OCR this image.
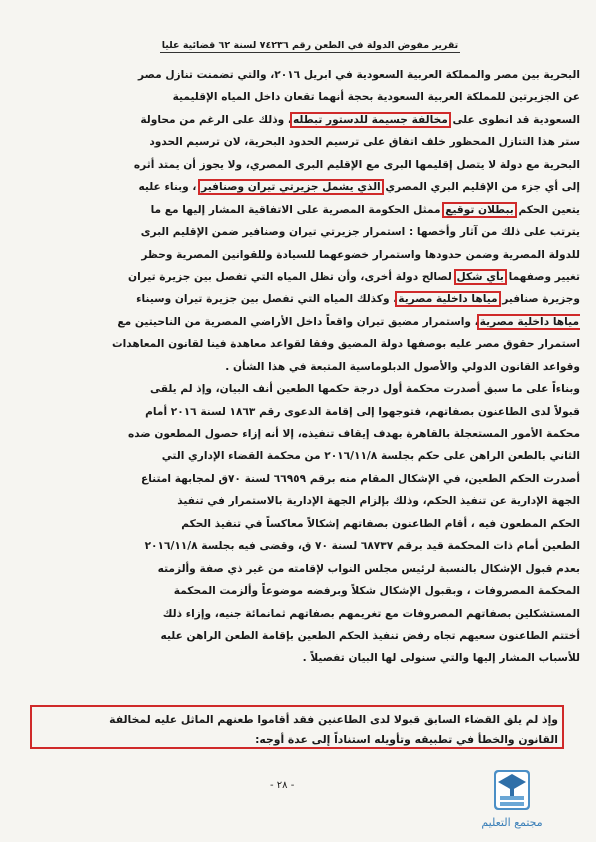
تقرير مفوض الدولة في الطعن رقم ٧٤٢٣٦ لسنة ٦٢ قضائية عليا
البحرية بين مصر والمملكة العربية السعودية في ابريل ٢٠١٦، والتي تضمنت تنازل مصر
عن الجزيرتين للمملكة العربية السعودية بحجة أنهما تقعان داخل المياه الإقليمية
السعودية قد انطوى على مخالفة جسيمة للدستور تبطله، وذلك على الرغم من محاولة
ستر هذا التنازل المحظور خلف اتفاق على ترسيم الحدود البحرية، لان ترسيم الحدود
البحرية مع دولة لا يتصل إقليمها البرى مع الإقليم البرى المصري، ولا يجوز أن يمتد أثره
إلى أي جزء من الإقليم البري المصري الذي يشمل جزيرتي تيران وصنافير ، وبناء عليه
يتعين الحكم ببطلان توقيع ممثل الحكومة المصرية على الاتفاقية المشار إليها مع ما
يترتب على ذلك من آثار وأخصها : استمرار جزيرتي تيران وصنافير ضمن الإقليم البرى
للدولة المصرية وضمن حدودها واستمرار خضوعهما للسيادة وللقوانين المصرية وحظر
تغيير وصفهما بأي شكل لصالح دولة أخرى، وأن تظل المياه التي تفصل بين جزيرة تيران
وجزيرة صنافير مياها داخلية مصرية، وكذلك المياه التي تفصل بين جزيرة تيران وسيناء
مياها داخلية مصرية، واستمرار مضيق تيران واقعاً داخل الأراضي المصرية من الناحيتين مع
استمرار حقوق مصر عليه بوصفها دولة المضيق وفقا لقواعد معاهدة فينا لقانون المعاهدات
وقواعد القانون الدولي والأصول الدبلوماسية المتبعة في هذا الشأن .
وبناءاً على ما سبق أصدرت محكمة أول درجة حكمها الطعين أنف البيان، وإذ لم يلقى
قبولاً لدى الطاعنون بصفاتهم، فتوجهوا إلى إقامة الدعوى رقم ١٨٦٣ لسنة ٢٠١٦ أمام
محكمة الأمور المستعجلة بالقاهرة بهدف إيقاف تنفيذه، إلا أنه إزاء حصول المطعون ضده
الثاني بالطعن الراهن على حكم بجلسة ٢٠١٦/١١/٨ من محكمة القضاء الإداري التي
أصدرت الحكم الطعين، في الإشكال المقام منه برقم ٦٦٩٥٩ لسنة ٧٠ق لمجابهة امتناع
الجهة الإدارية عن تنفيذ الحكم، وذلك بإلزام الجهة الإدارية بالاستمرار في تنفيذ
الحكم المطعون فيه ، أقام الطاعنون بصفاتهم إشكالاً معاكساً في تنفيذ الحكم
الطعين أمام ذات المحكمة قيد برقم ٦٨٧٣٧ لسنة ٧٠ ق، وقضى فيه بجلسة ٢٠١٦/١١/٨
بعدم قبول الإشكال بالنسبة لرئيس مجلس النواب لإقامته من غير ذي صفة وألزمته
المحكمة المصروفات ، وبقبول الإشكال شكلاً وبرفضه موضوعاً وألزمت المحكمة
المستشكلين بصفاتهم المصروفات مع تغريمهم بصفاتهم ثمانمائة جنيه، وإزاء ذلك
أختتم الطاعنون سعيهم تجاه رفض تنفيذ الحكم الطعين بإقامة الطعن الراهن عليه
للأسباب المشار إليها والتي سنولى لها البيان تفصيلاً .
وإذ لم يلق القضاء السابق قبولا لدى الطاعنين فقد أقاموا طعنهم الماثل عليه لمخالفة
القانون والخطأ في تطبيقه وتأويله استناداً إلى عدة أوجه:
- ٢٨ -
مجتمع التعليم
